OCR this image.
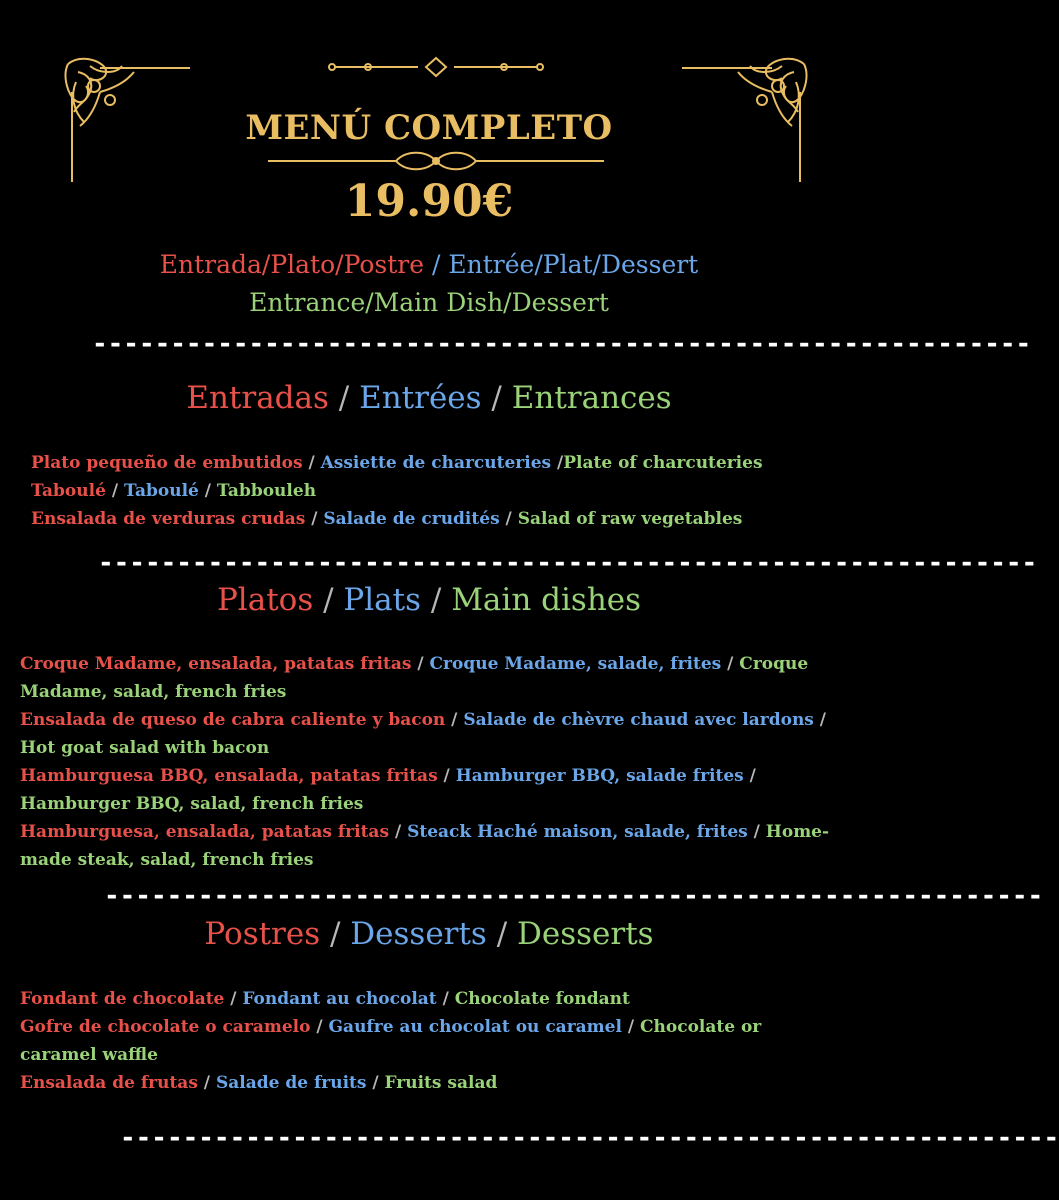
MENÚ COMPLETO
19.90€
Entrada/Plato/Postre / Entrée/Plat/Dessert
Entrance/Main Dish/Dessert
------------------------------------------------------------
Entradas / Entrées / Entrances
Plato pequeño de embutidos / Assiette de charcuteries /Plate of charcuteries
Taboulé / Taboulé / Tabbouleh
Ensalada de verduras crudas / Salade de crudités / Salad of raw vegetables
------------------------------------------------------------
Platos / Plats / Main dishes
Croque Madame, ensalada, patatas fritas / Croque Madame, salade, frites / Croque Madame, salad, french fries
Ensalada de queso de cabra caliente y bacon / Salade de chèvre chaud avec lardons / Hot goat salad with bacon
Hamburguesa BBQ, ensalada, patatas fritas / Hamburger BBQ, salade frites / Hamburger BBQ, salad, french fries
Hamburguesa, ensalada, patatas fritas / Steack Haché maison, salade, frites / Home-made steak, salad, french fries
------------------------------------------------------------
Postres / Desserts / Desserts
Fondant de chocolate / Fondant au chocolat / Chocolate fondant
Gofre de chocolate o caramelo / Gaufre au chocolat ou caramel / Chocolate or caramel waffle
Ensalada de frutas / Salade de fruits / Fruits salad
------------------------------------------------------------
